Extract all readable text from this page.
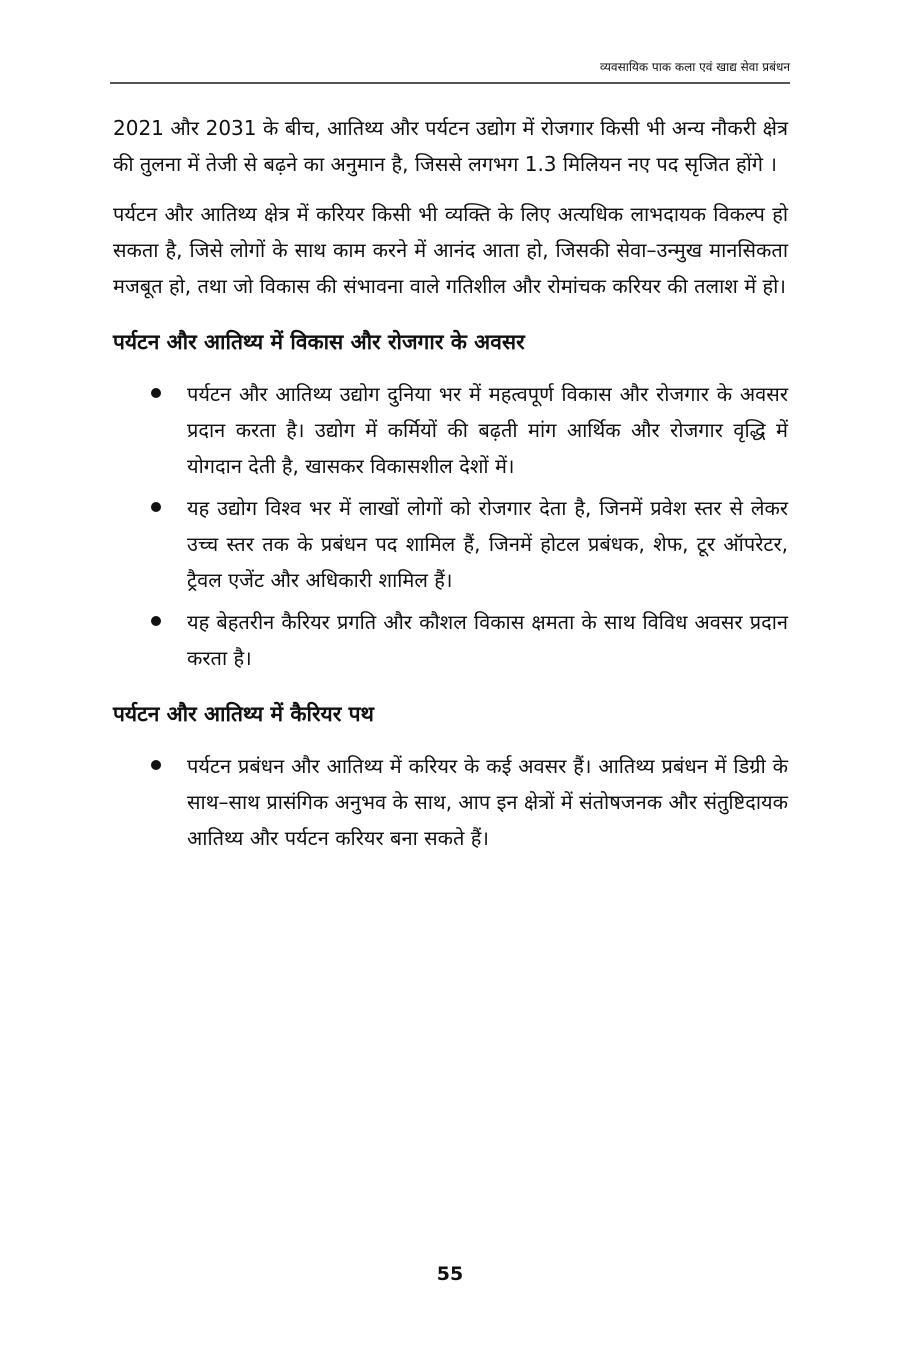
व्यवसायिक पाक कला एवं खाद्य सेवा प्रबंधन

2021 और 2031 के बीच, आतिथ्य और पर्यटन उद्योग में रोजगार किसी भी अन्य नौकरी क्षेत्र की तुलना में तेजी से बढ़ने का अनुमान है, जिससे लगभग 1.3 मिलियन नए पद सृजित होंगे ।

पर्यटन और आतिथ्य क्षेत्र में करियर किसी भी व्यक्ति के लिए अत्यधिक लाभदायक विकल्प हो सकता है, जिसे लोगों के साथ काम करने में आनंद आता हो, जिसकी सेवा–उन्मुख मानसिकता मजबूत हो, तथा जो विकास की संभावना वाले गतिशील और रोमांचक करियर की तलाश में हो।

पर्यटन और आतिथ्य में विकास और रोजगार के अवसर
पर्यटन और आतिथ्य उद्योग दुनिया भर में महत्वपूर्ण विकास और रोजगार के अवसर प्रदान करता है। उद्योग में कर्मियों की बढ़ती मांग आर्थिक और रोजगार वृद्धि में योगदान देती है, खासकर विकासशील देशों में।
यह उद्योग विश्व भर में लाखों लोगों को रोजगार देता है, जिनमें प्रवेश स्तर से लेकर उच्च स्तर तक के प्रबंधन पद शामिल हैं, जिनमें होटल प्रबंधक, शेफ, टूर ऑपरेटर, ट्रैवल एजेंट और अधिकारी शामिल हैं।
यह बेहतरीन कैरियर प्रगति और कौशल विकास क्षमता के साथ विविध अवसर प्रदान करता है।
पर्यटन और आतिथ्य में कैरियर पथ
पर्यटन प्रबंधन और आतिथ्य में करियर के कई अवसर हैं। आतिथ्य प्रबंधन में डिग्री के साथ–साथ प्रासंगिक अनुभव के साथ, आप इन क्षेत्रों में संतोषजनक और संतुष्टिदायक आतिथ्य और पर्यटन करियर बना सकते हैं।
55
